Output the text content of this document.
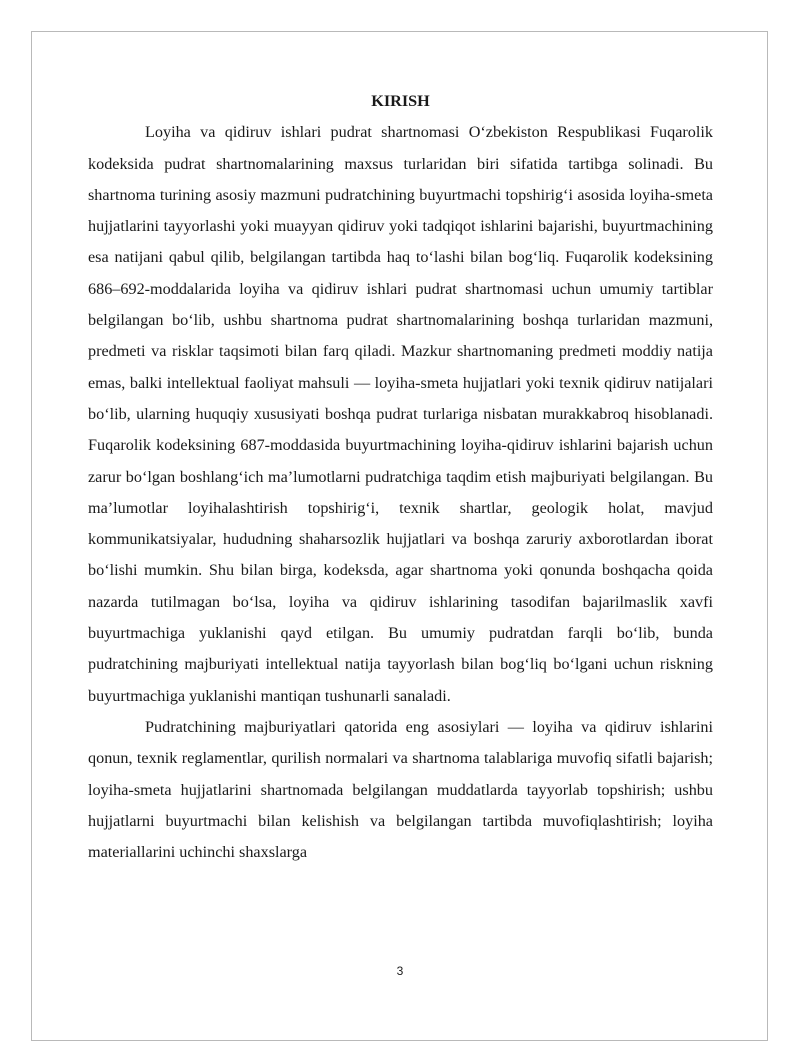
KIRISH

Loyiha va qidiruv ishlari pudrat shartnomasi O‘zbekiston Respublikasi Fuqarolik kodeksida pudrat shartnomalarining maxsus turlaridan biri sifatida tartibga solinadi. Bu shartnoma turining asosiy mazmuni pudratchining buyurtmachi topshirig‘i asosida loyiha-smeta hujjatlarini tayyorlashi yoki muayyan qidiruv yoki tadqiqot ishlarini bajarishi, buyurtmachining esa natijani qabul qilib, belgilangan tartibda haq to‘lashi bilan bog‘liq. Fuqarolik kodeksining 686–692-moddalarida loyiha va qidiruv ishlari pudrat shartnomasi uchun umumiy tartiblar belgilangan bo‘lib, ushbu shartnoma pudrat shartnomalarining boshqa turlaridan mazmuni, predmeti va risklar taqsimoti bilan farq qiladi. Mazkur shartnomaning predmeti moddiy natija emas, balki intellektual faoliyat mahsuli — loyiha-smeta hujjatlari yoki texnik qidiruv natijalari bo‘lib, ularning huquqiy xususiyati boshqa pudrat turlariga nisbatan murakkabroq hisoblanadi. Fuqarolik kodeksining 687-moddasida buyurtmachining loyiha-qidiruv ishlarini bajarish uchun zarur bo‘lgan boshlang‘ich ma’lumotlarni pudratchiga taqdim etish majburiyati belgilangan. Bu ma’lumotlar loyihalashtirish topshirig‘i, texnik shartlar, geologik holat, mavjud kommunikatsiyalar, hududning shaharsozlik hujjatlari va boshqa zaruriy axborotlardan iborat bo‘lishi mumkin. Shu bilan birga, kodeksda, agar shartnoma yoki qonunda boshqacha qoida nazarda tutilmagan bo‘lsa, loyiha va qidiruv ishlarining tasodifan bajarilmaslik xavfi buyurtmachiga yuklanishi qayd etilgan. Bu umumiy pudratdan farqli bo‘lib, bunda pudratchining majburiyati intellektual natija tayyorlash bilan bog‘liq bo‘lgani uchun riskning buyurtmachiga yuklanishi mantiqan tushunarli sanaladi.

Pudratchining majburiyatlari qatorida eng asosiylari — loyiha va qidiruv ishlarini qonun, texnik reglamentlar, qurilish normalari va shartnoma talablariga muvofiq sifatli bajarish; loyiha-smeta hujjatlarini shartnomada belgilangan muddatlarda tayyorlab topshirish; ushbu hujjatlarni buyurtmachi bilan kelishish va belgilangan tartibda muvofiqlashtirish; loyiha materiallarini uchinchi shaxslarga

3
